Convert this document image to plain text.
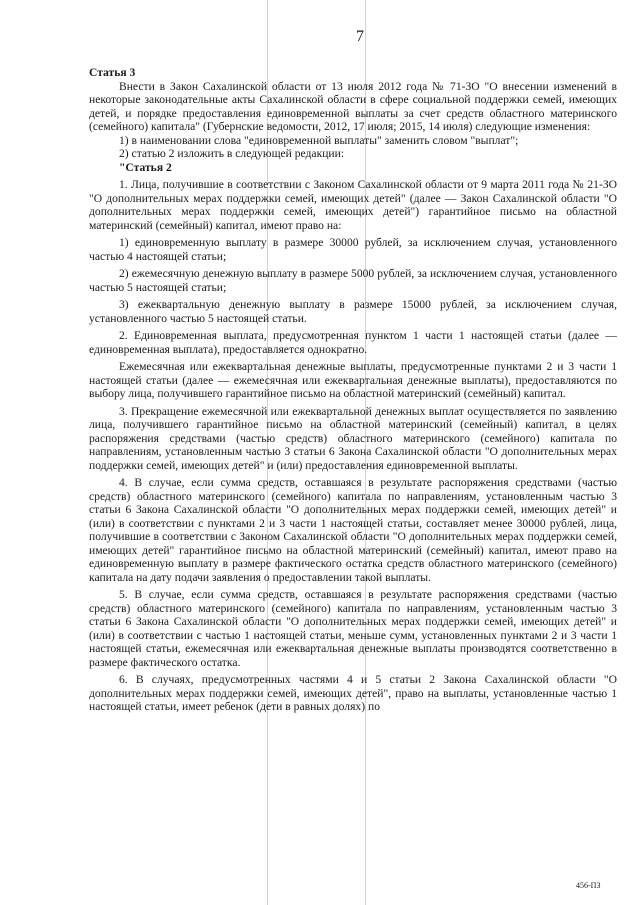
7

Статья 3

Внести в Закон Сахалинской области от 13 июля 2012 года № 71-ЗО "О внесении изменений в некоторые законодательные акты Сахалинской области в сфере социальной поддержки семей, имеющих детей, и порядке предоставления единовременной выплаты за счет средств областного материнского (семейного) капитала" (Губернские ведомости, 2012, 17 июля; 2015, 14 июля) следующие изменения:

1) в наименовании слова "единовременной выплаты" заменить словом "выплат";

2) статью 2 изложить в следующей редакции:

"Статья 2

1. Лица, получившие в соответствии с Законом Сахалинской области от 9 марта 2011 года № 21-ЗО "О дополнительных мерах поддержки семей, имеющих детей" (далее — Закон Сахалинской области "О дополнительных мерах поддержки семей, имеющих детей") гарантийное письмо на областной материнский (семейный) капитал, имеют право на:

1) единовременную выплату в размере 30000 рублей, за исключением случая, установленного частью 4 настоящей статьи;

2) ежемесячную денежную выплату в размере 5000 рублей, за исключением случая, установленного частью 5 настоящей статьи;

3) ежеквартальную денежную выплату в размере 15000 рублей, за исключением случая, установленного частью 5 настоящей статьи.

2. Единовременная выплата, предусмотренная пунктом 1 части 1 настоящей статьи (далее — единовременная выплата), предоставляется однократно.

Ежемесячная или ежеквартальная денежные выплаты, предусмотренные пунктами 2 и 3 части 1 настоящей статьи (далее — ежемесячная или ежеквартальная денежные выплаты), предоставляются по выбору лица, получившего гарантийное письмо на областной материнский (семейный) капитал.

3. Прекращение ежемесячной или ежеквартальной денежных выплат осуществляется по заявлению лица, получившего гарантийное письмо на областной материнский (семейный) капитал, в целях распоряжения средствами (частью средств) областного материнского (семейного) капитала по направлениям, установленным частью 3 статьи 6 Закона Сахалинской области "О дополнительных мерах поддержки семей, имеющих детей" и (или) предоставления единовременной выплаты.

4. В случае, если сумма средств, оставшаяся в результате распоряжения средствами (частью средств) областного материнского (семейного) капитала по направлениям, установленным частью 3 статьи 6 Закона Сахалинской области "О дополнительных мерах поддержки семей, имеющих детей" и (или) в соответствии с пунктами 2 и 3 части 1 настоящей статьи, составляет менее 30000 рублей, лица, получившие в соответствии с Законом Сахалинской области "О дополнительных мерах поддержки семей, имеющих детей" гарантийное письмо на областной материнский (семейный) капитал, имеют право на единовременную выплату в размере фактического остатка средств областного материнского (семейного) капитала на дату подачи заявления о предоставлении такой выплаты.

5. В случае, если сумма средств, оставшаяся в результате распоряжения средствами (частью средств) областного материнского (семейного) капитала по направлениям, установленным частью 3 статьи 6 Закона Сахалинской области "О дополнительных мерах поддержки семей, имеющих детей" и (или) в соответствии с частью 1 настоящей статьи, меньше сумм, установленных пунктами 2 и 3 части 1 настоящей статьи, ежемесячная или ежеквартальная денежные выплаты производятся соответственно в размере фактического остатка.

6. В случаях, предусмотренных частями 4 и 5 статьи 2 Закона Сахалинской области "О дополнительных мерах поддержки семей, имеющих детей", право на выплаты, установленные частью 1 настоящей статьи, имеет ребенок (дети в равных долях) по

456-ПЗ
